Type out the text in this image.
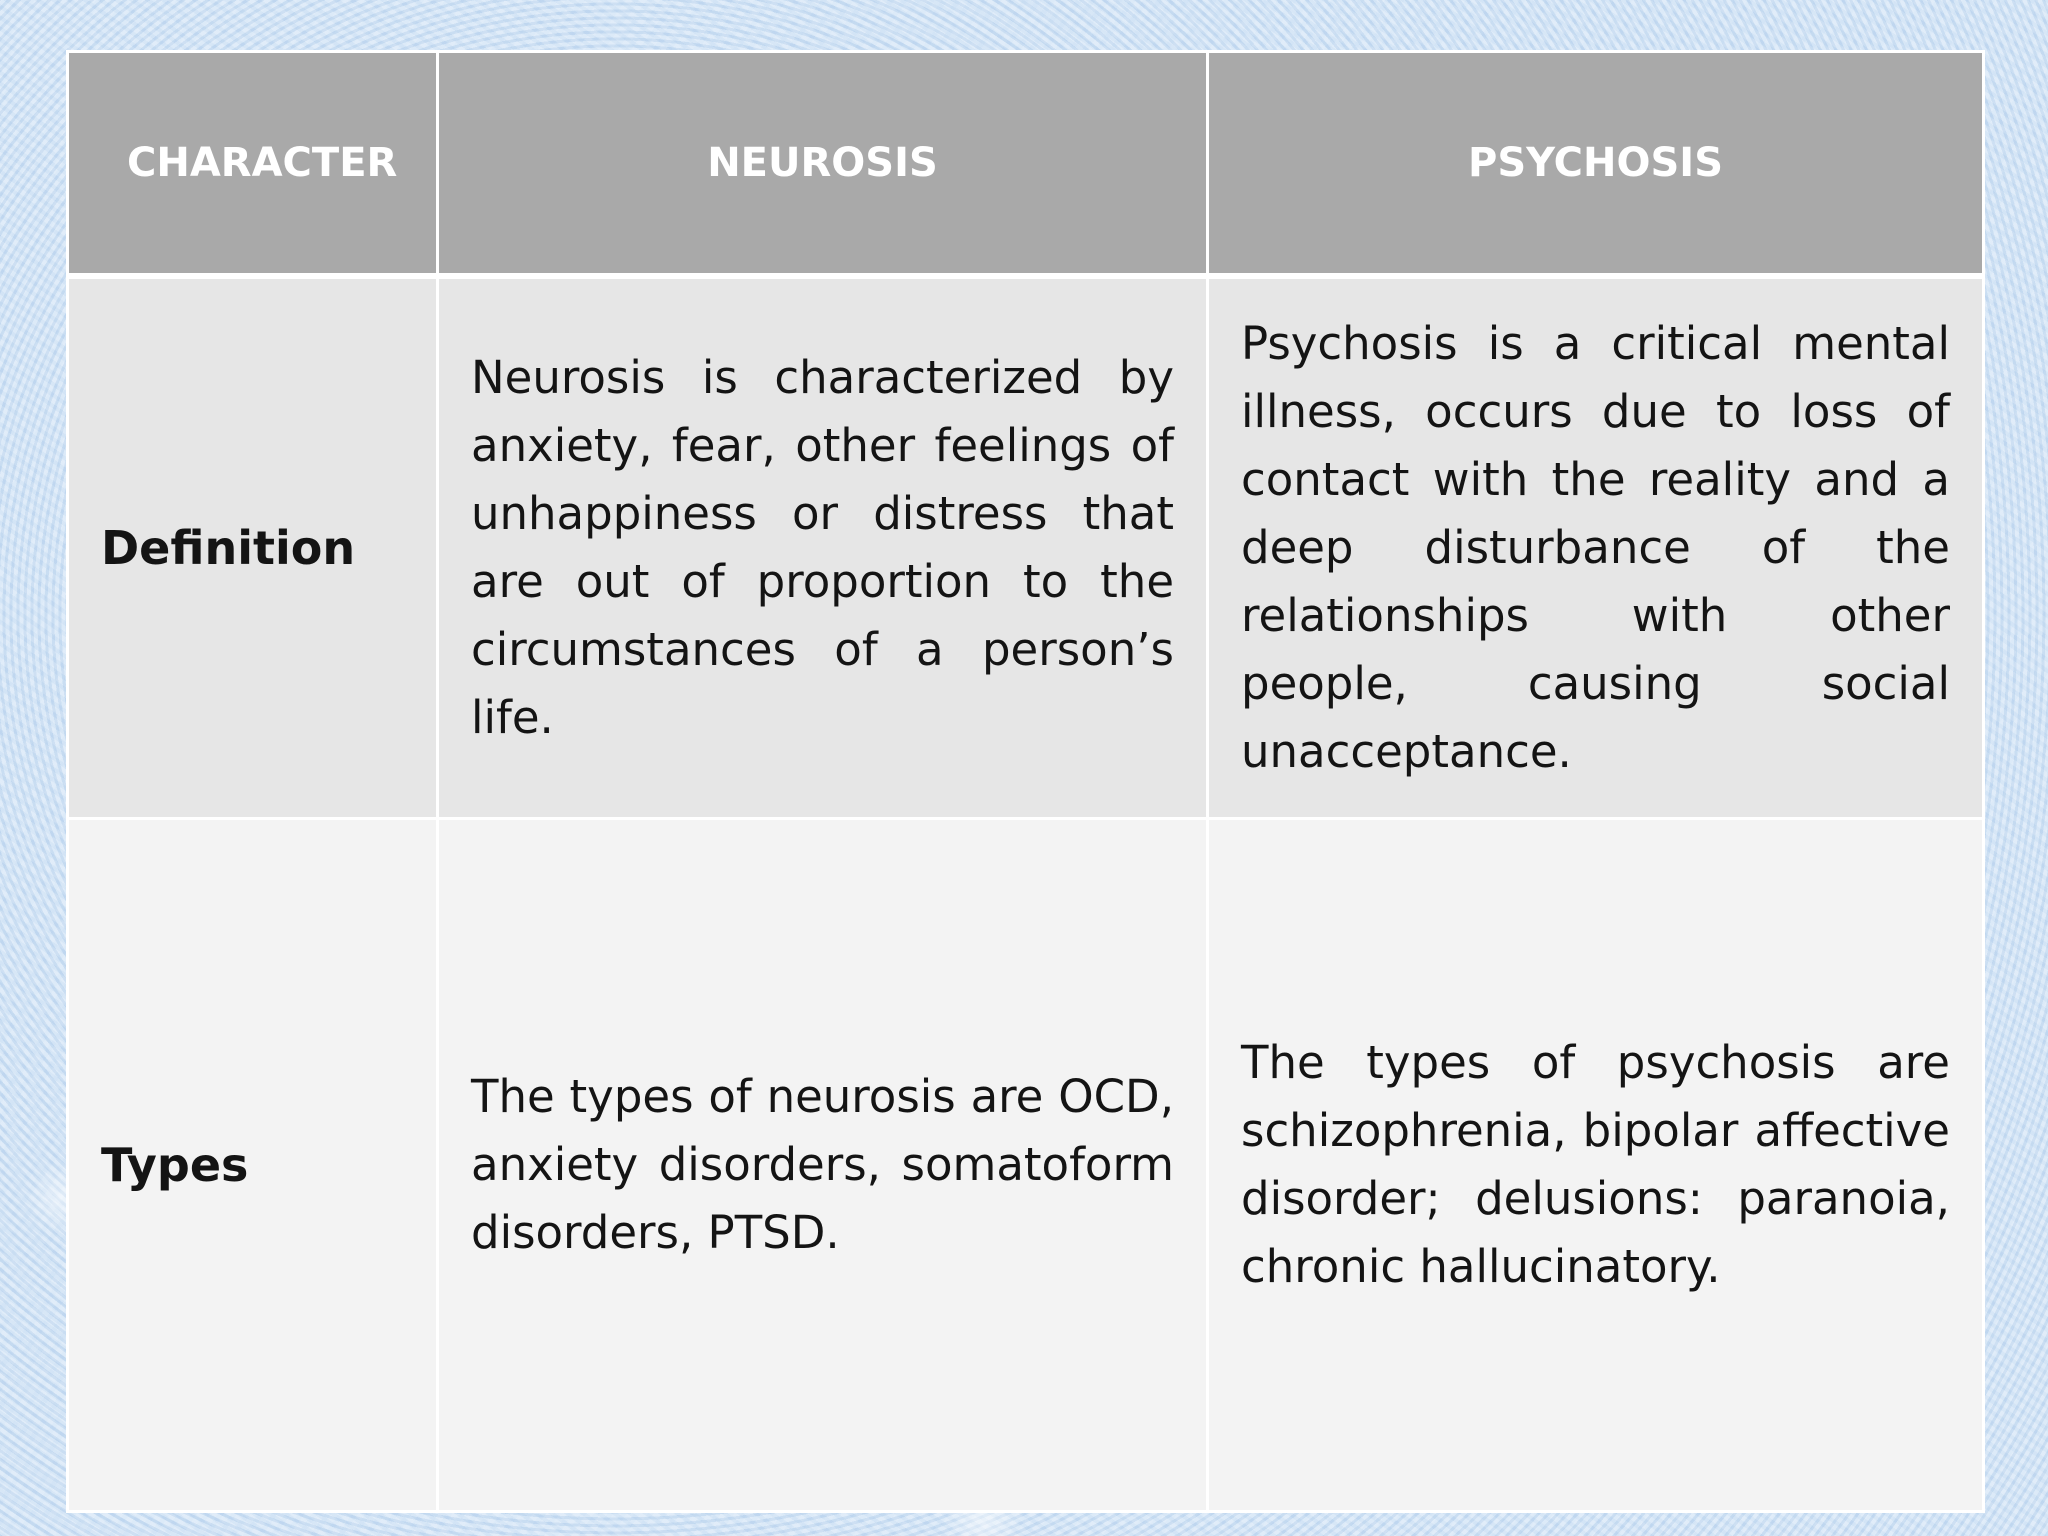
CHARACTER	NEUROSIS	PSYCHOSIS
Definition	Neurosis is characterized by anxiety, fear, other feelings of unhappiness or distress that are out of proportion to the circumstances of a person’s life.	Psychosis is a critical mental illness, occurs due to loss of contact with the reality and a deep disturbance of the relationships with other people, causing social unacceptance.

Types	The types of neurosis are OCD, anxiety disorders, somatoform disorders, PTSD.	The types of psychosis are schizophrenia, bipolar affective disorder; delusions: paranoia, chronic hallucinatory.
